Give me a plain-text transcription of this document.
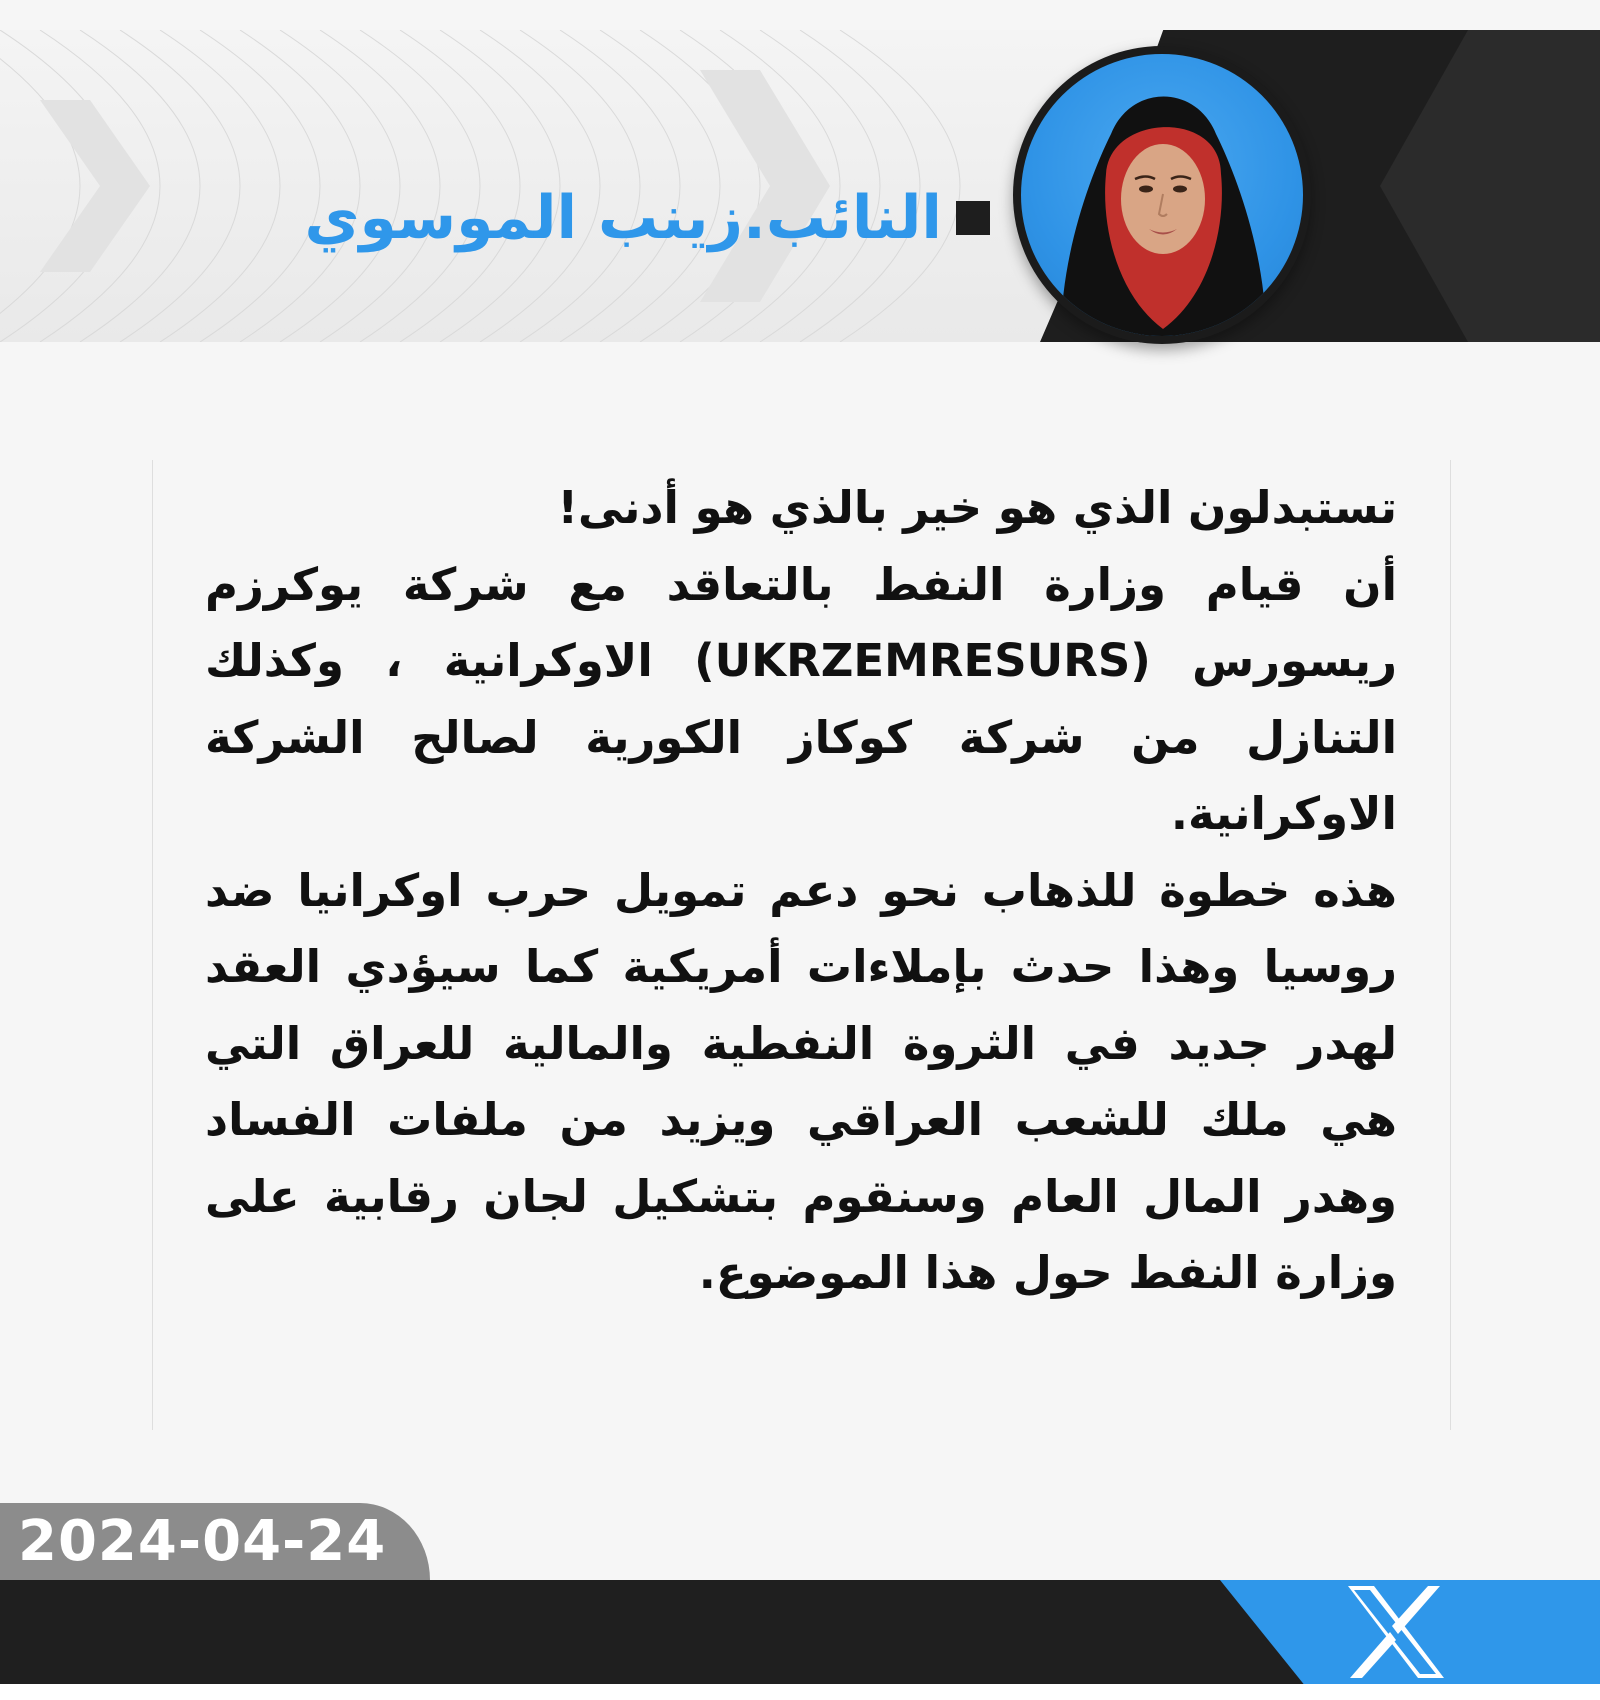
النائب.زينب الموسوي

تستبدلون الذي هو خير بالذي هو أدنى!

أن قيام وزارة النفط بالتعاقد مع شركة يوكرزم ريسورس (UKRZEMRESURS) الاوكرانية ، وكذلك التنازل من شركة كوكاز الكورية لصالح الشركة الاوكرانية.

هذه خطوة للذهاب نحو دعم تمويل حرب اوكرانيا ضد روسيا وهذا حدث بإملاءات أمريكية كما سيؤدي العقد لهدر جديد في الثروة النفطية والمالية للعراق التي هي ملك للشعب العراقي ويزيد من ملفات الفساد وهدر المال العام وسنقوم بتشكيل لجان رقابية على وزارة النفط حول هذا الموضوع.

2024-04-24
